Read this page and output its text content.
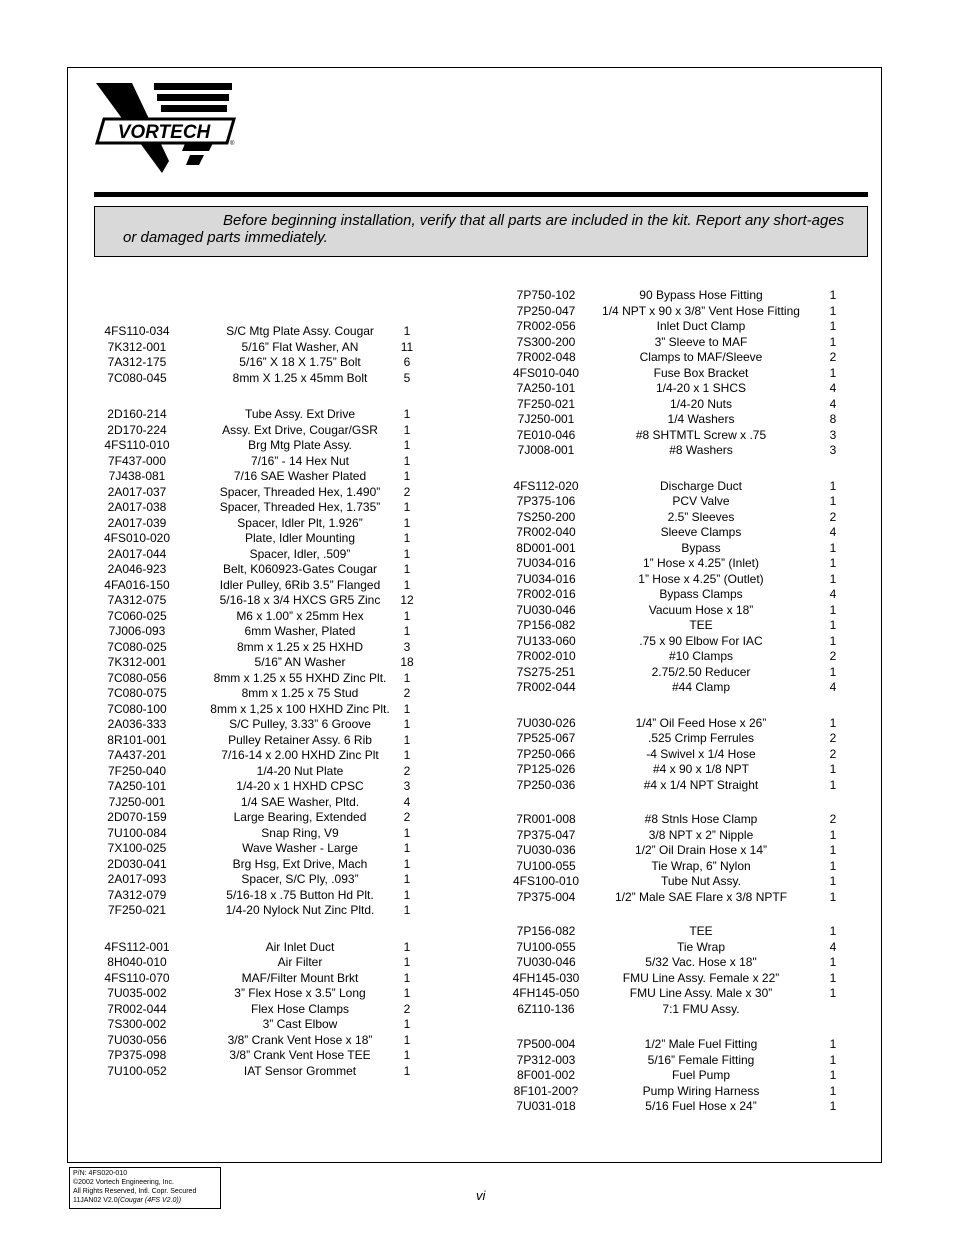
VORTECH
®
Before beginning installation, verify that all parts are included in the kit. Report any short-ages or damaged parts immediately.
4FS110-034	S/C Mtg Plate Assy. Cougar	1
7K312-001	5/16” Flat Washer, AN	11
7A312-175	5/16” X 18 X 1.75” Bolt	6
7C080-045	8mm X 1.25 x 45mm Bolt	5
2D160-214	Tube Assy. Ext Drive	1
2D170-224	Assy. Ext Drive, Cougar/GSR	1
4FS110-010	Brg Mtg Plate Assy.	1
7F437-000	7/16” - 14 Hex Nut	1
7J438-081	7/16 SAE Washer Plated	1
2A017-037	Spacer, Threaded Hex, 1.490”	2
2A017-038	Spacer, Threaded Hex, 1.735”	1
2A017-039	Spacer, Idler Plt, 1.926”	1
4FS010-020	Plate, Idler Mounting	1
2A017-044	Spacer, Idler, .509”	1
2A046-923	Belt, K060923-Gates Cougar	1
4FA016-150	Idler Pulley, 6Rib 3.5” Flanged	1
7A312-075	5/16-18 x 3/4 HXCS GR5 Zinc	12
7C060-025	M6 x 1.00” x 25mm Hex	1
7J006-093	6mm Washer, Plated	1
7C080-025	8mm x 1.25 x 25 HXHD	3
7K312-001	5/16” AN Washer	18
7C080-056	8mm x 1.25 x 55 HXHD Zinc Plt.	1
7C080-075	8mm x 1.25 x 75 Stud	2
7C080-100	8mm x 1,25 x 100 HXHD Zinc Plt.	1
2A036-333	S/C Pulley, 3.33” 6 Groove	1
8R101-001	Pulley Retainer Assy. 6 Rib	1
7A437-201	7/16-14 x 2.00 HXHD Zinc Plt	1
7F250-040	1/4-20 Nut Plate	2
7A250-101	1/4-20 x 1 HXHD CPSC	3
7J250-001	1/4 SAE Washer, Pltd.	4
2D070-159	Large Bearing, Extended	2
7U100-084	Snap Ring, V9	1
7X100-025	Wave Washer - Large	1
2D030-041	Brg Hsg, Ext Drive, Mach	1
2A017-093	Spacer, S/C Ply, .093”	1
7A312-079	5/16-18 x .75 Button Hd Plt.	1
7F250-021	1/4-20 Nylock Nut Zinc Pltd.	1
4FS112-001	Air Inlet Duct	1
8H040-010	Air Filter	1
4FS110-070	MAF/Filter Mount Brkt	1
7U035-002	3” Flex Hose x 3.5” Long	1
7R002-044	Flex Hose Clamps	2
7S300-002	3” Cast Elbow	1
7U030-056	3/8” Crank Vent Hose x 18”	1
7P375-098	3/8” Crank Vent Hose TEE	1
7U100-052	IAT Sensor Grommet	1
7P750-102	90 Bypass Hose Fitting	1
7P250-047	1/4 NPT x 90 x 3/8” Vent Hose Fitting	1
7R002-056	Inlet Duct Clamp	1
7S300-200	3” Sleeve to MAF	1
7R002-048	Clamps to MAF/Sleeve	2
4FS010-040	Fuse Box Bracket	1
7A250-101	1/4-20 x 1 SHCS	4
7F250-021	1/4-20 Nuts	4
7J250-001	1/4 Washers	8
7E010-046	#8 SHTMTL Screw x .75	3
7J008-001	#8 Washers	3
4FS112-020	Discharge Duct	1
7P375-106	PCV Valve	1
7S250-200	2.5” Sleeves	2
7R002-040	Sleeve Clamps	4
8D001-001	Bypass	1
7U034-016	1” Hose x 4.25” (Inlet)	1
7U034-016	1” Hose x 4.25” (Outlet)	1
7R002-016	Bypass Clamps	4
7U030-046	Vacuum Hose x 18”	1
7P156-082	TEE	1
7U133-060	.75 x 90 Elbow For IAC	1
7R002-010	#10 Clamps	2
7S275-251	2.75/2.50 Reducer	1
7R002-044	#44 Clamp	4
7U030-026	1/4” Oil Feed Hose x 26”	1
7P525-067	.525 Crimp Ferrules	2
7P250-066	-4 Swivel x 1/4 Hose	2
7P125-026	#4 x 90 x 1/8 NPT	1
7P250-036	#4 x 1/4 NPT Straight	1
7R001-008	#8 Stnls Hose Clamp	2
7P375-047	3/8 NPT x 2” Nipple	1
7U030-036	1/2” Oil Drain Hose x 14”	1
7U100-055	Tie Wrap, 6” Nylon	1
4FS100-010	Tube Nut Assy.	1
7P375-004	1/2” Male SAE Flare x 3/8 NPTF	1
7P156-082	TEE	1
7U100-055	Tie Wrap	4
7U030-046	5/32 Vac. Hose x 18"	1
4FH145-030	FMU Line Assy. Female x 22”	1
4FH145-050	FMU Line Assy. Male x 30”	1
6Z110-136	7:1 FMU Assy.
7P500-004	1/2” Male Fuel Fitting	1
7P312-003	5/16” Female Fitting	1
8F001-002	Fuel Pump	1
8F101-200?	Pump Wiring Harness	1
7U031-018	5/16 Fuel Hose x 24”	1
P/N: 4FS020-010
©2002 Vortech Engineering, Inc.
All Rights Reserved, Intl. Copr. Secured
11JAN02 V2.0(Cougar (4FS V2.0))	vi
